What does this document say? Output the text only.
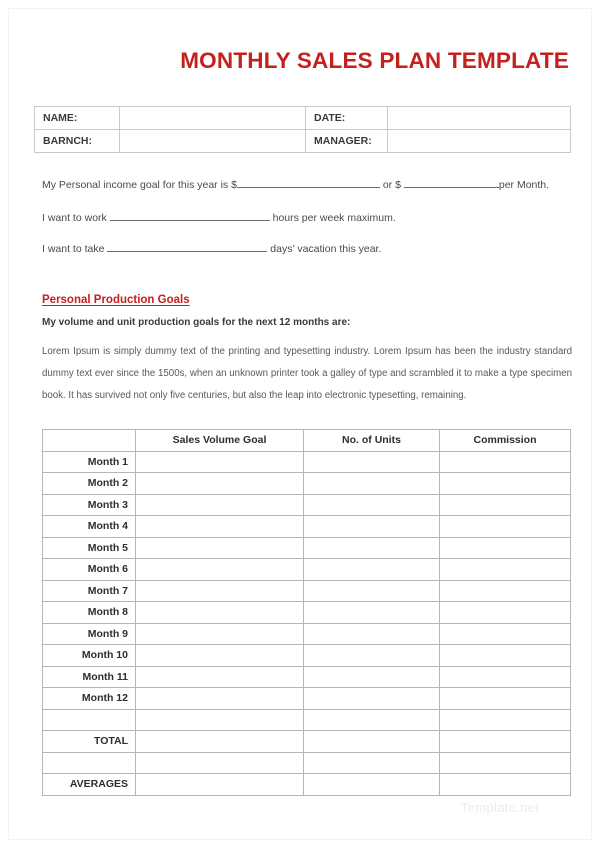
MONTHLY SALES PLAN TEMPLATE
NAME:		DATE:	
BARNCH:		MANAGER:	
My Personal income goal for this year is $	or $	per Month.
I want to work	hours per week maximum.
I want to take	days’ vacation this year.
Personal Production Goals
My volume and unit production goals for the next 12 months are:
Lorem Ipsum is simply dummy text of the printing and typesetting industry. Lorem Ipsum has been the industry standard dummy text ever since the 1500s, when an unknown printer took a galley of type and scrambled it to make a type specimen book. It has survived not only five centuries, but also the leap into electronic typesetting, remaining.
	Sales Volume Goal	No. of Units	Commission
Month 1			
Month 2			
Month 3			
Month 4			
Month 5			
Month 6			
Month 7			
Month 8			
Month 9			
Month 10			
Month 11			
Month 12			

TOTAL			

AVERAGES			
Template.net
